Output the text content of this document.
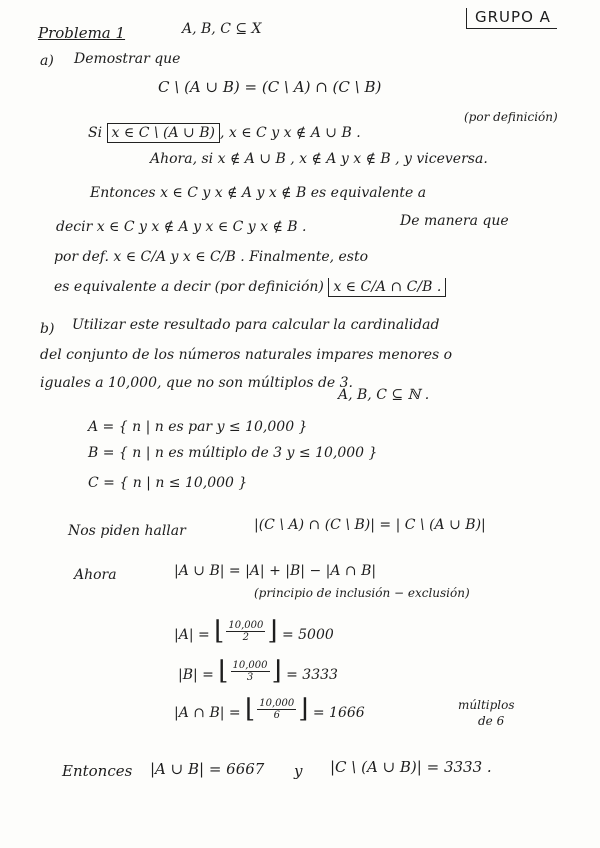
Problema 1	A, B, C ⊆ X
GRUPO A
a) Demostrar que
C \ (A ∪ B) = (C \ A) ∩ (C \ B)
Si x ∈ C \ (A ∪ B) , x ∈ C y x ∉ A ∪ B .
(por definición)
Ahora, si x ∉ A ∪ B , x ∉ A y x ∉ B , y viceversa.
Entonces x ∈ C y x ∉ A y x ∉ B es equivalente a
decir x ∈ C y x ∉ A y x ∈ C y x ∉ B .	De manera que
por def. x ∈ C/A y x ∈ C/B . Finalmente, esto
es equivalente a decir (por definición) x ∈ C/A ∩ C/B .
b) Utilizar este resultado para calcular la cardinalidad
del conjunto de los números naturales impares menores o
iguales a 10,000, que no son múltiplos de 3.
A, B, C ⊆ ℕ .
A = { n | n es par y ≤ 10,000 }
B = { n | n es múltiplo de 3 y ≤ 10,000 }
C = { n | n ≤ 10,000 }
Nos piden hallar	|(C \ A) ∩ (C \ B)| = | C \ (A ∪ B)|
Ahora	|A ∪ B| = |A| + |B| − |A ∩ B|
(principio de inclusión − exclusión)
|A| = ⌊ $\frac{10,000}{2}$ ⌋ = 5000
|B| = ⌊ $\frac{10,000}{3}$ ⌋ = 3333
|A ∩ B| = ⌊ $\frac{10,000}{6}$ ⌋ = 1666	múltiplos
de 6
Entonces |A ∪ B| = 6667 y |C \ (A ∪ B)| = 3333 .
